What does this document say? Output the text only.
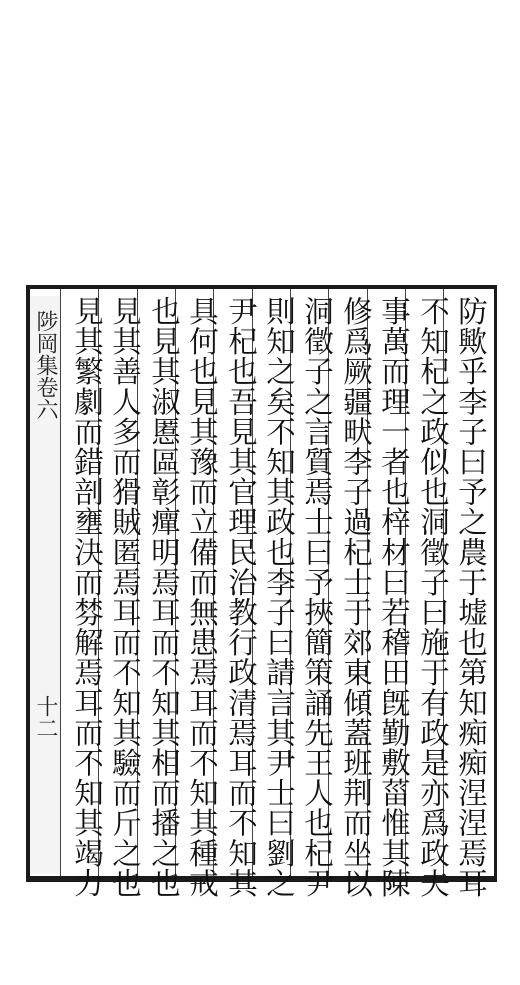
陟岡集卷六
十二	防歟乎李子曰予之農于墟也第知痴痴涅涅焉耳
不知杞之政似也洞徵子曰施于有政是亦爲政夫
事萬而理一者也梓材曰若稽田旣勤敷菑惟其陳
修爲厥疆畎李子過杞士于郊東傾蓋班荆而坐以
洞徵子之言質焉士曰予挾簡策誦先王人也杞尹
則知之矣不知其政也李子曰請言其尹士曰劉之
尹杞也吾見其官理民治教行政清焉耳而不知其
具何也見其豫而立備而無患焉耳而不知其種戒
也見其淑慝區彰癉明焉耳而不知其相而播之也
見其善人多而猾賊匿焉耳而不知其驗而斤之也
見其繁劇而錯剖壅決而棼解焉耳而不知其竭力
